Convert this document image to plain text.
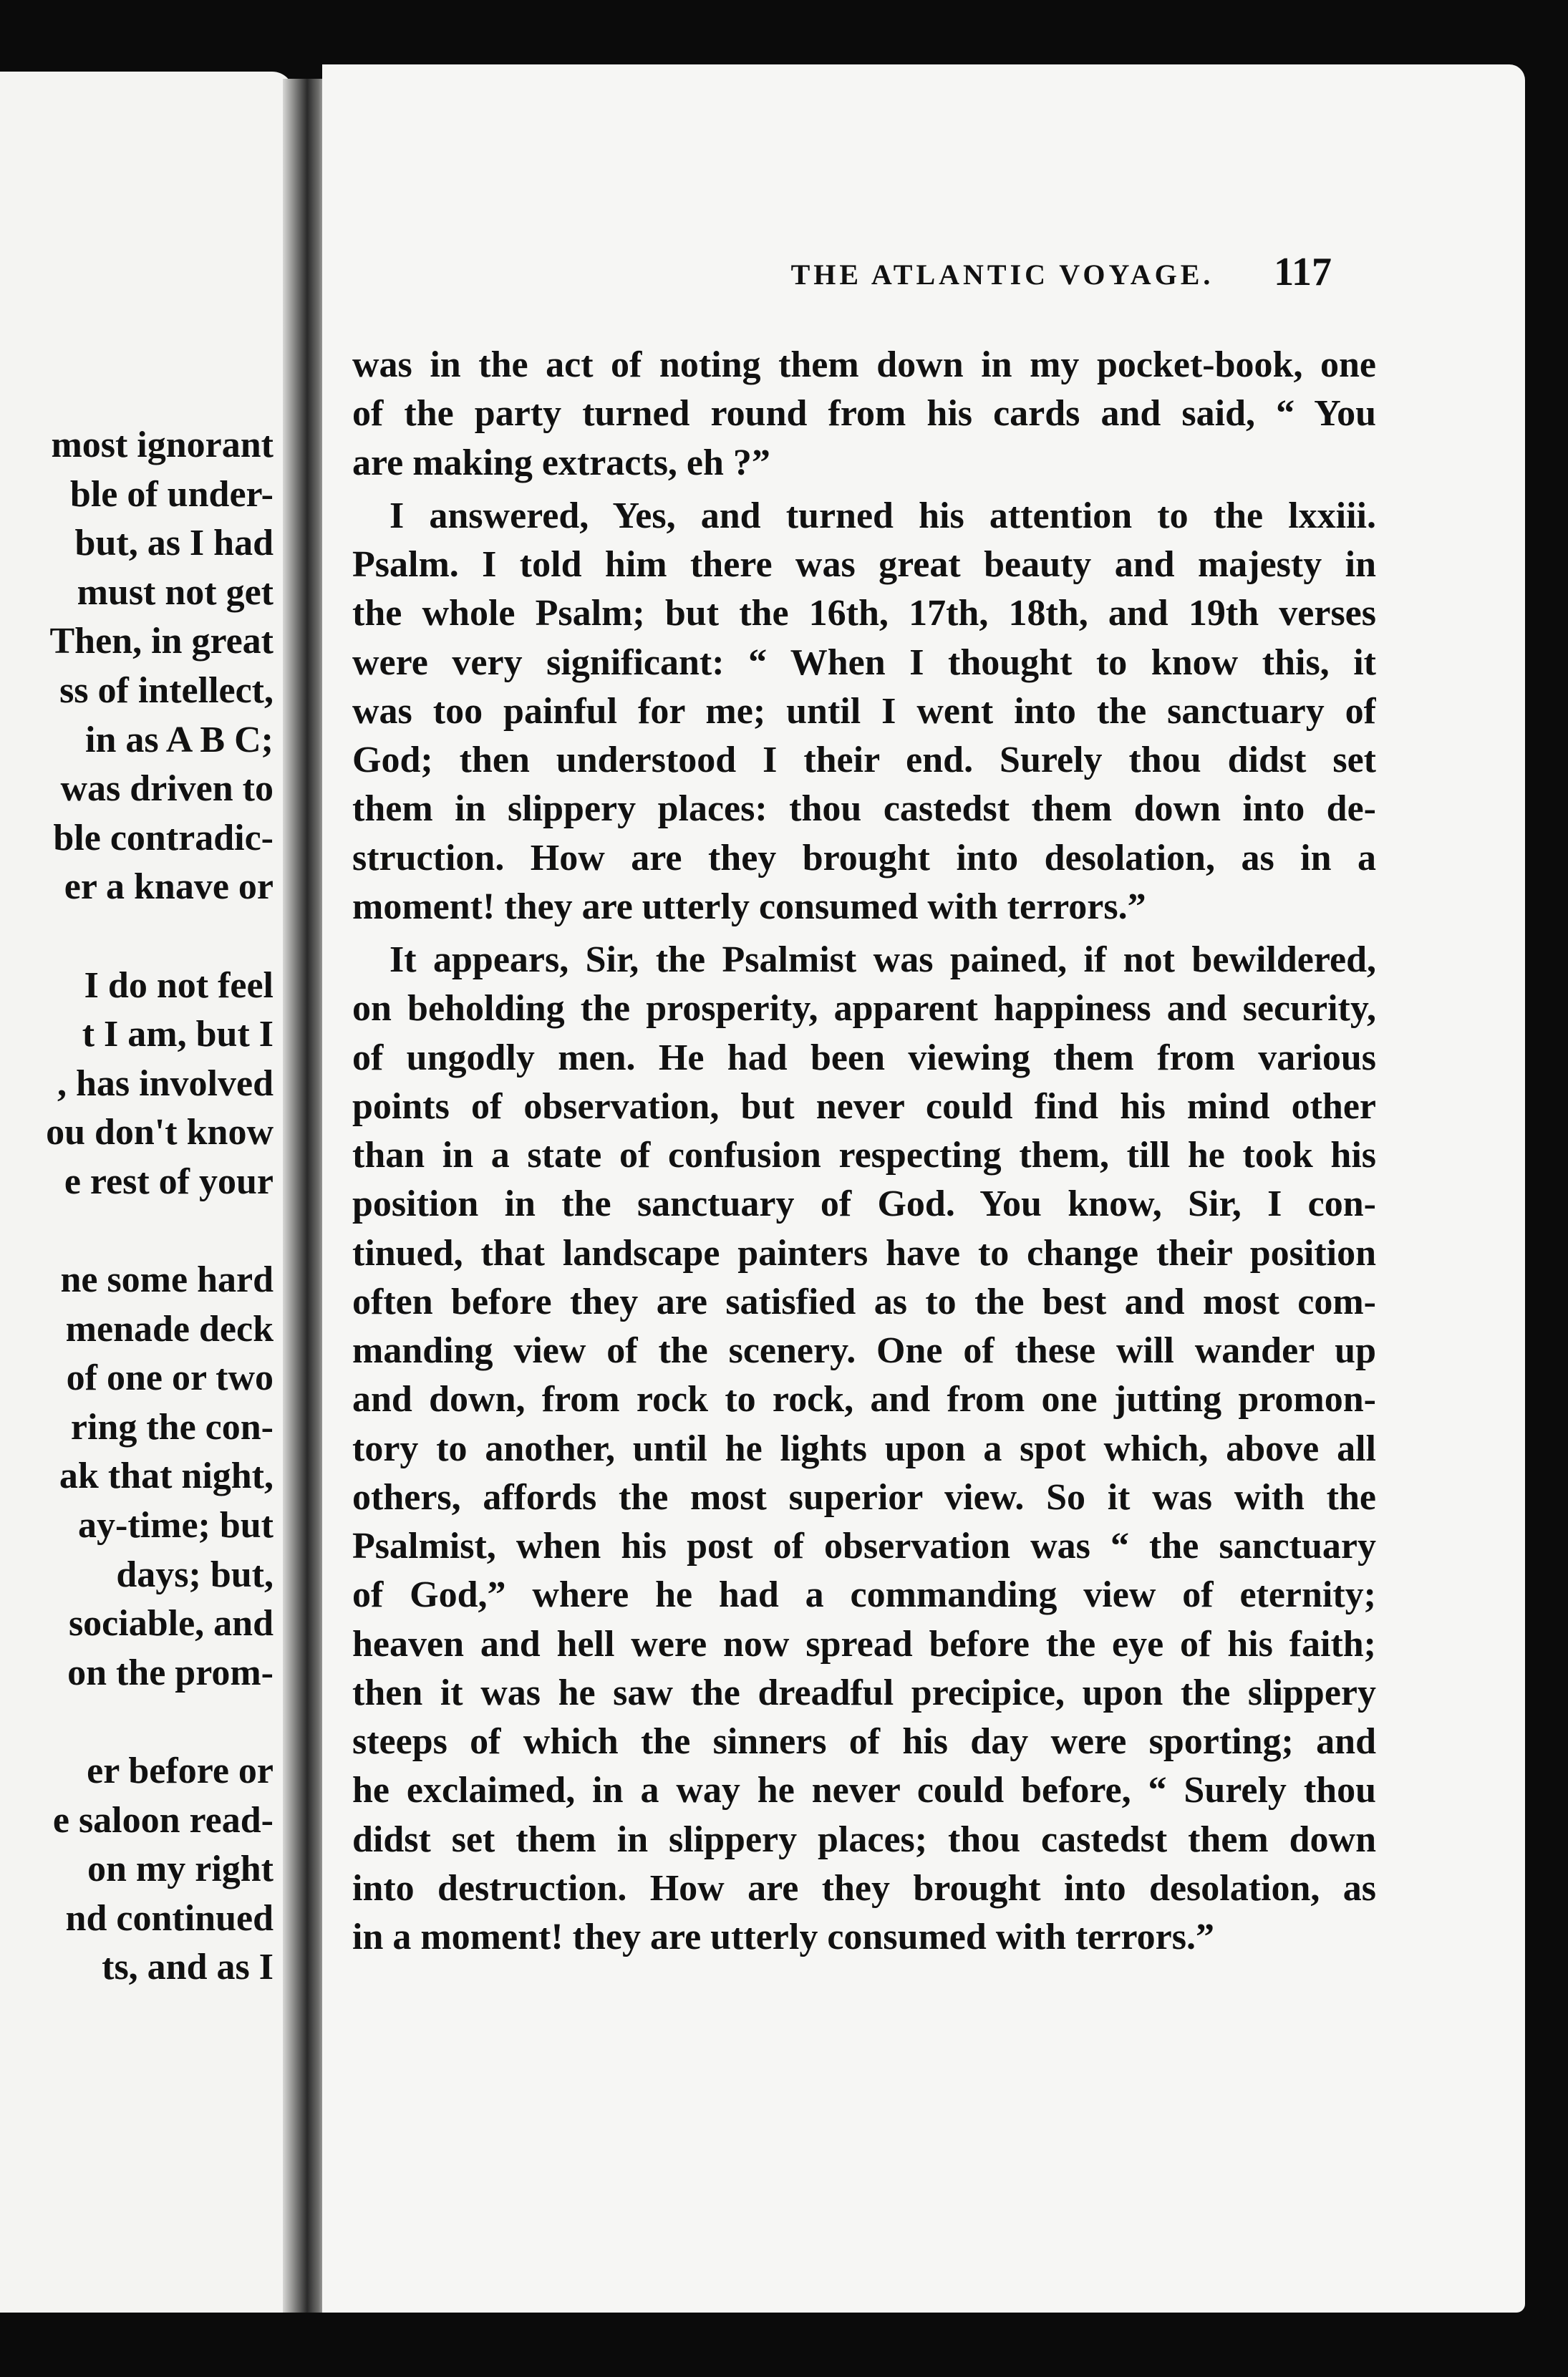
most ignorant
ble of under-
but, as I had
must not get
Then, in great
ss of intellect,
in as A B C;
was driven to
ble contradic-
er a knave or
I do not feel
t I am, but I
, has involved
ou don't know
e rest of your
ne some hard
menade deck
of one or two
ring the con-
ak that night,
ay-time; but
days; but,
sociable, and
on the prom-
er before or
e saloon read-
on my right
nd continued
ts, and as I
THE ATLANTIC VOYAGE.	117
was in the act of noting them down in my pocket-book, one
of the party turned round from his cards and said, “ You
are making extracts, eh ?”
I answered, Yes, and turned his attention to the lxxiii.
Psalm. I told him there was great beauty and majesty in
the whole Psalm; but the 16th, 17th, 18th, and 19th verses
were very significant: “ When I thought to know this, it
was too painful for me; until I went into the sanctuary of
God; then understood I their end. Surely thou didst set
them in slippery places: thou castedst them down into de-
struction. How are they brought into desolation, as in a
moment! they are utterly consumed with terrors.”
It appears, Sir, the Psalmist was pained, if not bewildered,
on beholding the prosperity, apparent happiness and security,
of ungodly men. He had been viewing them from various
points of observation, but never could find his mind other
than in a state of confusion respecting them, till he took his
position in the sanctuary of God. You know, Sir, I con-
tinued, that landscape painters have to change their position
often before they are satisfied as to the best and most com-
manding view of the scenery. One of these will wander up
and down, from rock to rock, and from one jutting promon-
tory to another, until he lights upon a spot which, above all
others, affords the most superior view. So it was with the
Psalmist, when his post of observation was “ the sanctuary
of God,” where he had a commanding view of eternity;
heaven and hell were now spread before the eye of his faith;
then it was he saw the dreadful precipice, upon the slippery
steeps of which the sinners of his day were sporting; and
he exclaimed, in a way he never could before, “ Surely thou
didst set them in slippery places; thou castedst them down
into destruction. How are they brought into desolation, as
in a moment! they are utterly consumed with terrors.”
